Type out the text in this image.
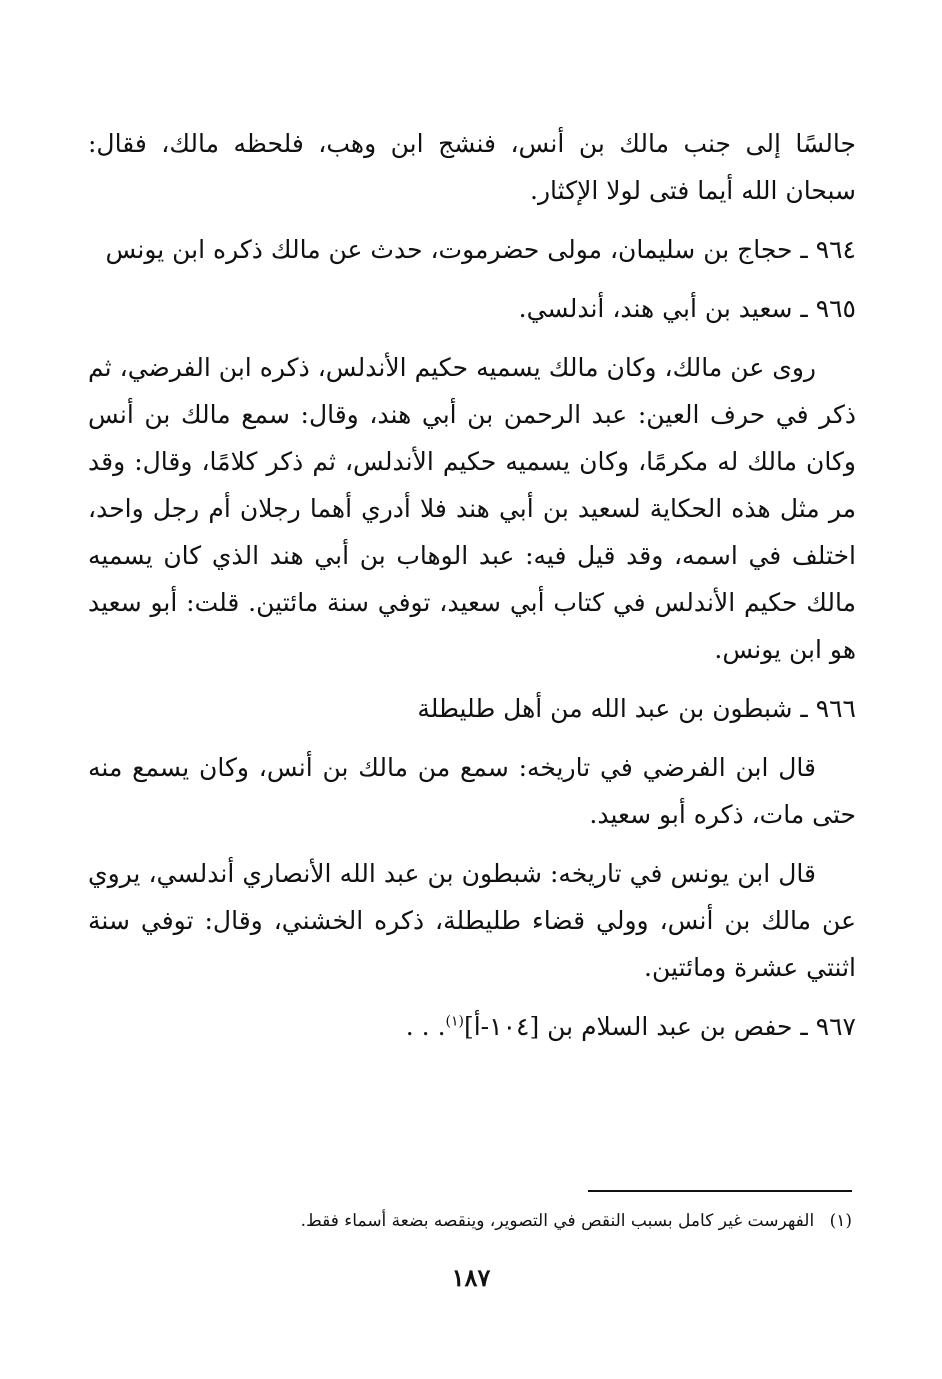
جالسًا إلى جنب مالك بن أنس، فنشج ابن وهب، فلحظه مالك، فقال: سبحان الله أيما فتى لولا الإكثار.

٩٦٤ ـ حجاج بن سليمان، مولى حضرموت، حدث عن مالك ذكره ابن يونس

٩٦٥ ـ سعيد بن أبي هند، أندلسي.

روى عن مالك، وكان مالك يسميه حكيم الأندلس، ذكره ابن الفرضي، ثم ذكر في حرف العين: عبد الرحمن بن أبي هند، وقال: سمع مالك بن أنس وكان مالك له مكرمًا، وكان يسميه حكيم الأندلس، ثم ذكر كلامًا، وقال: وقد مر مثل هذه الحكاية لسعيد بن أبي هند فلا أدري أهما رجلان أم رجل واحد، اختلف في اسمه، وقد قيل فيه: عبد الوهاب بن أبي هند الذي كان يسميه مالك حكيم الأندلس في كتاب أبي سعيد، توفي سنة مائتين. قلت: أبو سعيد هو ابن يونس.

٩٦٦ ـ شبطون بن عبد الله من أهل طليطلة

قال ابن الفرضي في تاريخه: سمع من مالك بن أنس، وكان يسمع منه حتى مات، ذكره أبو سعيد.

قال ابن يونس في تاريخه: شبطون بن عبد الله الأنصاري أندلسي، يروي عن مالك بن أنس، وولي قضاء طليطلة، ذكره الخشني، وقال: توفي سنة اثنتي عشرة ومائتين.

٩٦٧ ـ حفص بن عبد السلام بن [١٠٤-أ]$^{(١)}$. . .

(١) الفهرست غير كامل بسبب النقص في التصوير، وينقصه بضعة أسماء فقط.
١٨٧
